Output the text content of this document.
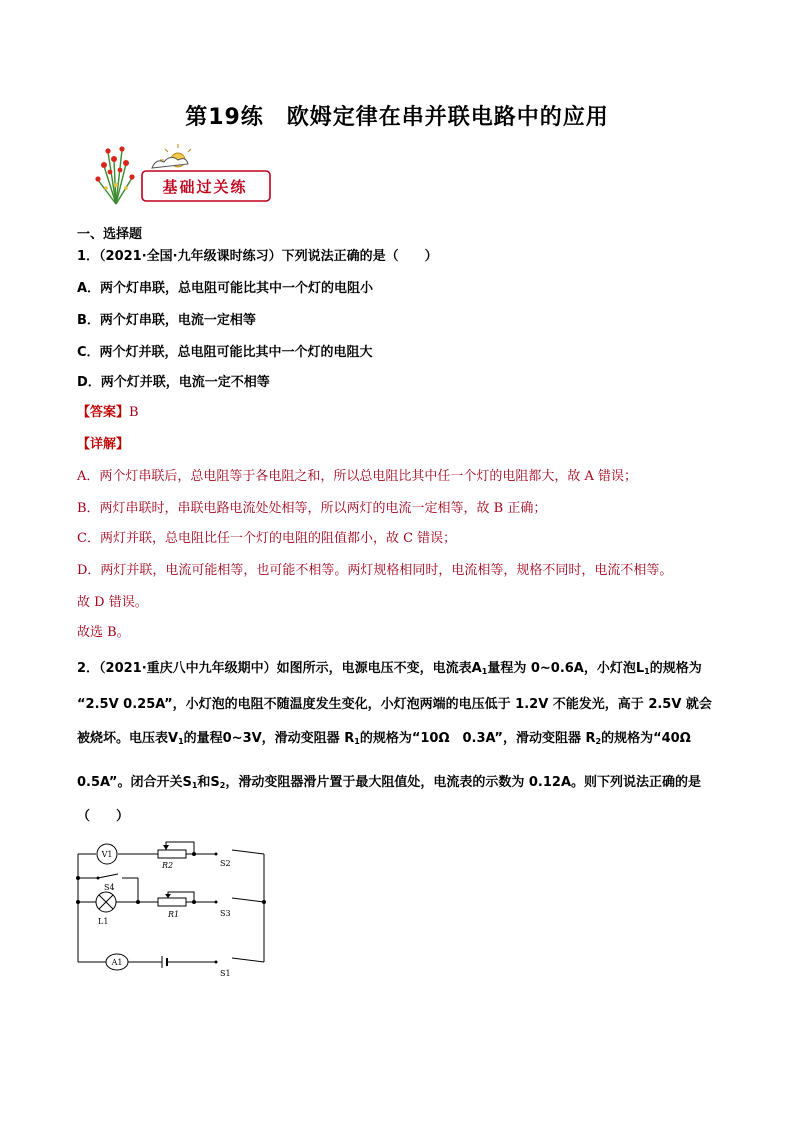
第19练　欧姆定律在串并联电路中的应用
基础过关练
一、选择题
1．（2021·全国·九年级课时练习）下列说法正确的是（　　）
A．两个灯串联，总电阻可能比其中一个灯的电阻小
B．两个灯串联，电流一定相等
C．两个灯并联，总电阻可能比其中一个灯的电阻大
D．两个灯并联，电流一定不相等
【答案】B
【详解】
A．两个灯串联后，总电阻等于各电阻之和，所以总电阻比其中任一个灯的电阻都大，故 A 错误；
B．两灯串联时，串联电路电流处处相等，所以两灯的电流一定相等，故 B 正确；
C．两灯并联，总电阻比任一个灯的电阻的阻值都小，故 C 错误；
D．两灯并联，电流可能相等，也可能不相等。两灯规格相同时，电流相等，规格不同时，电流不相等。
故 D 错误。
故选 B。
2．（2021·重庆八中九年级期中）如图所示，电源电压不变，电流表$A_1$量程为 0~0.6A，小灯泡$L_1$的规格为
“2.5V 0.25A”，小灯泡的电阻不随温度发生变化，小灯泡两端的电压低于 1.2V 不能发光，高于 2.5V 就会
被烧坏。电压表$V_1$的量程0~3V，滑动变阻器 $R_1$的规格为“10Ω　0.3A”，滑动变阻器 $R_2$的规格为“40Ω
0.5A”。闭合开关$S_1$和$S_2$，滑动变阻器滑片置于最大阻值处，电流表的示数为 0.12A。则下列说法正确的是
（　　）
V1
A1
R2
R1
S2
S3
S1
S4
L1
